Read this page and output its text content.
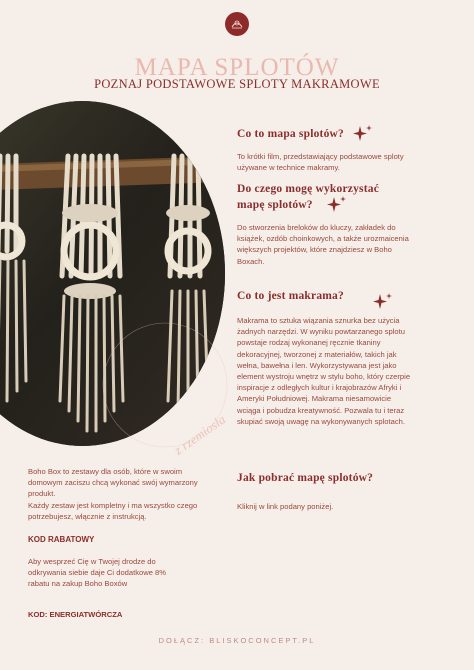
MAPA SPLOTÓW
POZNAJ PODSTAWOWE SPLOTY MAKRAMOWE
z rzemiosła
Co to mapa splotów?
To krótki film, przedstawiający podstawowe sploty używane w technice makramy.
Do czego mogę wykorzystać
mapę splotów?
Do stworzenia breloków do kluczy, zakładek do książek, ozdób choinkowych, a także urozmaicenia większych projektów, które znajdziesz w Boho Boxach.
Co to jest makrama?
Makrama to sztuka wiązania sznurka bez użycia żadnych narzędzi. W wyniku powtarzanego splotu powstaje rodzaj wykonanej ręcznie tkaniny dekoracyjnej, tworzonej z materiałów, takich jak wełna, bawełna i len. Wykorzystywana jest jako element wystroju wnętrz w stylu boho, który czerpie inspiracje z odległych kultur i krajobrazów Afryki i Ameryki Południowej. Makrama niesamowicie wciąga i pobudza kreatywność. Pozwala tu i teraz skupiać swoją uwagę na wykonywanych splotach.
Jak pobrać mapę splotów?
Kliknij w link podany poniżej.
Boho Box to zestawy dla osób, które w swoim domowym zaciszu chcą wykonać swój wymarzony produkt.
Każdy zestaw jest kompletny i ma wszystko czego potrzebujesz, włącznie z instrukcją.
KOD RABATOWY
Aby wesprzeć Cię w Twojej drodze do odkrywania siebie daje Ci dodatkowe 8% rabatu na zakup Boho Boxów
KOD: ENERGIATWÓRCZA
DOŁĄCZ: BLISKOCONCEPT.PL
